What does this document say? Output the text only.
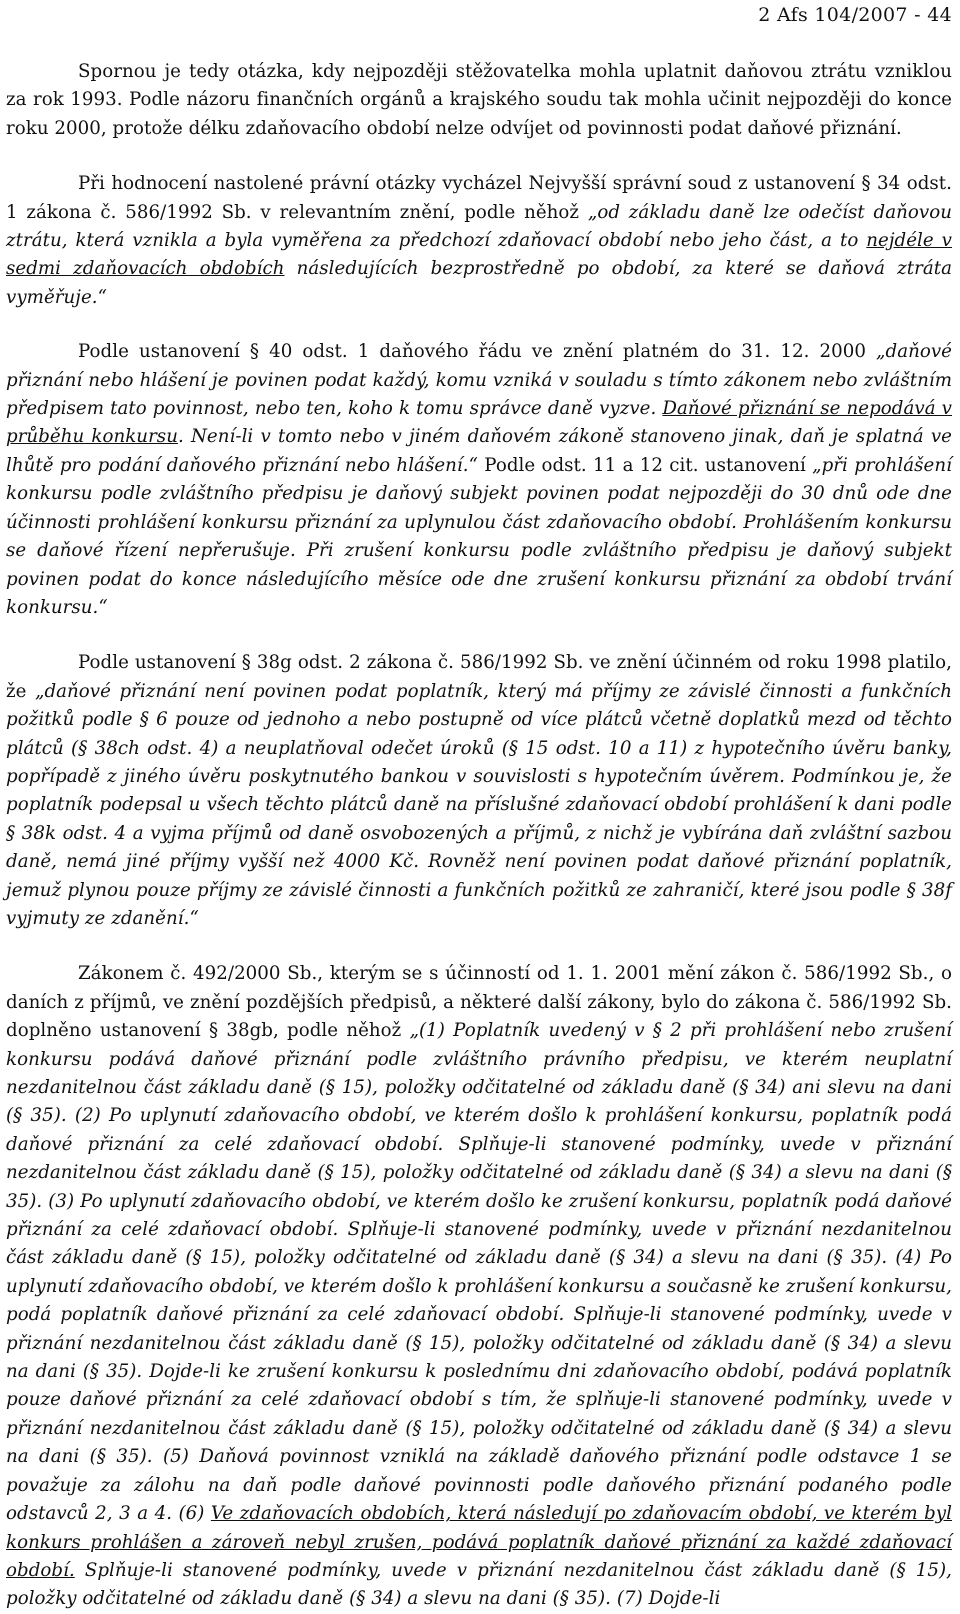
2 Afs 104/2007 - 44

Spornou je tedy otázka, kdy nejpozději stěžovatelka mohla uplatnit daňovou ztrátu vzniklou za rok 1993. Podle názoru finančních orgánů a krajského soudu tak mohla učinit nejpozději do konce roku 2000, protože délku zdaňovacího období nelze odvíjet od povinnosti podat daňové přiznání.

Při hodnocení nastolené právní otázky vycházel Nejvyšší správní soud z ustanovení § 34 odst. 1 zákona č. 586/1992 Sb. v relevantním znění, podle něhož „od základu daně lze odečíst daňovou ztrátu, která vznikla a byla vyměřena za předchozí zdaňovací období nebo jeho část, a to nejdéle v sedmi zdaňovacích obdobích následujících bezprostředně po období, za které se daňová ztráta vyměřuje.“

Podle ustanovení § 40 odst. 1 daňového řádu ve znění platném do 31. 12. 2000 „daňové přiznání nebo hlášení je povinen podat každý, komu vzniká v souladu s tímto zákonem nebo zvláštním předpisem tato povinnost, nebo ten, koho k tomu správce daně vyzve. Daňové přiznání se nepodává v průběhu konkursu. Není-li v tomto nebo v jiném daňovém zákoně stanoveno jinak, daň je splatná ve lhůtě pro podání daňového přiznání nebo hlášení.“ Podle odst. 11 a 12 cit. ustanovení „při prohlášení konkursu podle zvláštního předpisu je daňový subjekt povinen podat nejpozději do 30 dnů ode dne účinnosti prohlášení konkursu přiznání za uplynulou část zdaňovacího období. Prohlášením konkursu se daňové řízení nepřerušuje. Při zrušení konkursu podle zvláštního předpisu je daňový subjekt povinen podat do konce následujícího měsíce ode dne zrušení konkursu přiznání za období trvání konkursu.“

Podle ustanovení § 38g odst. 2 zákona č. 586/1992 Sb. ve znění účinném od roku 1998 platilo, že „daňové přiznání není povinen podat poplatník, který má příjmy ze závislé činnosti a funkčních požitků podle § 6 pouze od jednoho a nebo postupně od více plátců včetně doplatků mezd od těchto plátců (§ 38ch odst. 4) a neuplatňoval odečet úroků (§ 15 odst. 10 a 11) z hypotečního úvěru banky, popřípadě z jiného úvěru poskytnutého bankou v souvislosti s hypotečním úvěrem. Podmínkou je, že poplatník podepsal u všech těchto plátců daně na příslušné zdaňovací období prohlášení k dani podle § 38k odst. 4 a vyjma příjmů od daně osvobozených a příjmů, z nichž je vybírána daň zvláštní sazbou daně, nemá jiné příjmy vyšší než 4000 Kč. Rovněž není povinen podat daňové přiznání poplatník, jemuž plynou pouze příjmy ze závislé činnosti a funkčních požitků ze zahraničí, které jsou podle § 38f vyjmuty ze zdanění.“

Zákonem č. 492/2000 Sb., kterým se s účinností od 1. 1. 2001 mění zákon č. 586/1992 Sb., o daních z příjmů, ve znění pozdějších předpisů, a některé další zákony, bylo do zákona č. 586/1992 Sb. doplněno ustanovení § 38gb, podle něhož „(1) Poplatník uvedený v § 2 při prohlášení nebo zrušení konkursu podává daňové přiznání podle zvláštního právního předpisu, ve kterém neuplatní nezdanitelnou část základu daně (§ 15), položky odčitatelné od základu daně (§ 34) ani slevu na dani (§ 35). (2) Po uplynutí zdaňovacího období, ve kterém došlo k prohlášení konkursu, poplatník podá daňové přiznání za celé zdaňovací období. Splňuje-li stanovené podmínky, uvede v přiznání nezdanitelnou část základu daně (§ 15), položky odčitatelné od základu daně (§ 34) a slevu na dani (§ 35). (3) Po uplynutí zdaňovacího období, ve kterém došlo ke zrušení konkursu, poplatník podá daňové přiznání za celé zdaňovací období. Splňuje-li stanovené podmínky, uvede v přiznání nezdanitelnou část základu daně (§ 15), položky odčitatelné od základu daně (§ 34) a slevu na dani (§ 35). (4) Po uplynutí zdaňovacího období, ve kterém došlo k prohlášení konkursu a současně ke zrušení konkursu, podá poplatník daňové přiznání za celé zdaňovací období. Splňuje-li stanovené podmínky, uvede v přiznání nezdanitelnou část základu daně (§ 15), položky odčitatelné od základu daně (§ 34) a slevu na dani (§ 35). Dojde-li ke zrušení konkursu k poslednímu dni zdaňovacího období, podává poplatník pouze daňové přiznání za celé zdaňovací období s tím, že splňuje-li stanovené podmínky, uvede v přiznání nezdanitelnou část základu daně (§ 15), položky odčitatelné od základu daně (§ 34) a slevu na dani (§ 35). (5) Daňová povinnost vzniklá na základě daňového přiznání podle odstavce 1 se považuje za zálohu na daň podle daňové povinnosti podle daňového přiznání podaného podle odstavců 2, 3 a 4. (6) Ve zdaňovacích obdobích, která následují po zdaňovacím období, ve kterém byl konkurs prohlášen a zároveň nebyl zrušen, podává poplatník daňové přiznání za každé zdaňovací období. Splňuje-li stanovené podmínky, uvede v přiznání nezdanitelnou část základu daně (§ 15), položky odčitatelné od základu daně (§ 34) a slevu na dani (§ 35). (7) Dojde-li
